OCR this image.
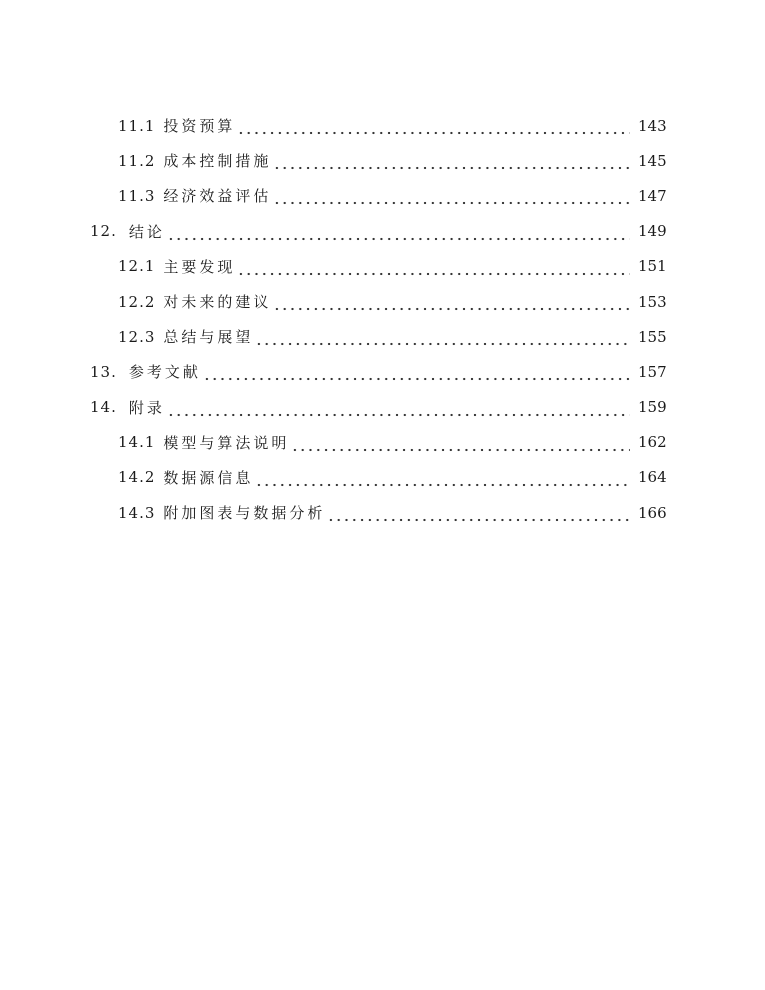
11.1 投资预算	143
11.2 成本控制措施	145
11.3 经济效益评估	147
12. 结论	149
12.1 主要发现	151
12.2 对未来的建议	153
12.3 总结与展望	155
13. 参考文献	157
14. 附录	159
14.1 模型与算法说明	162
14.2 数据源信息	164
14.3 附加图表与数据分析	166
